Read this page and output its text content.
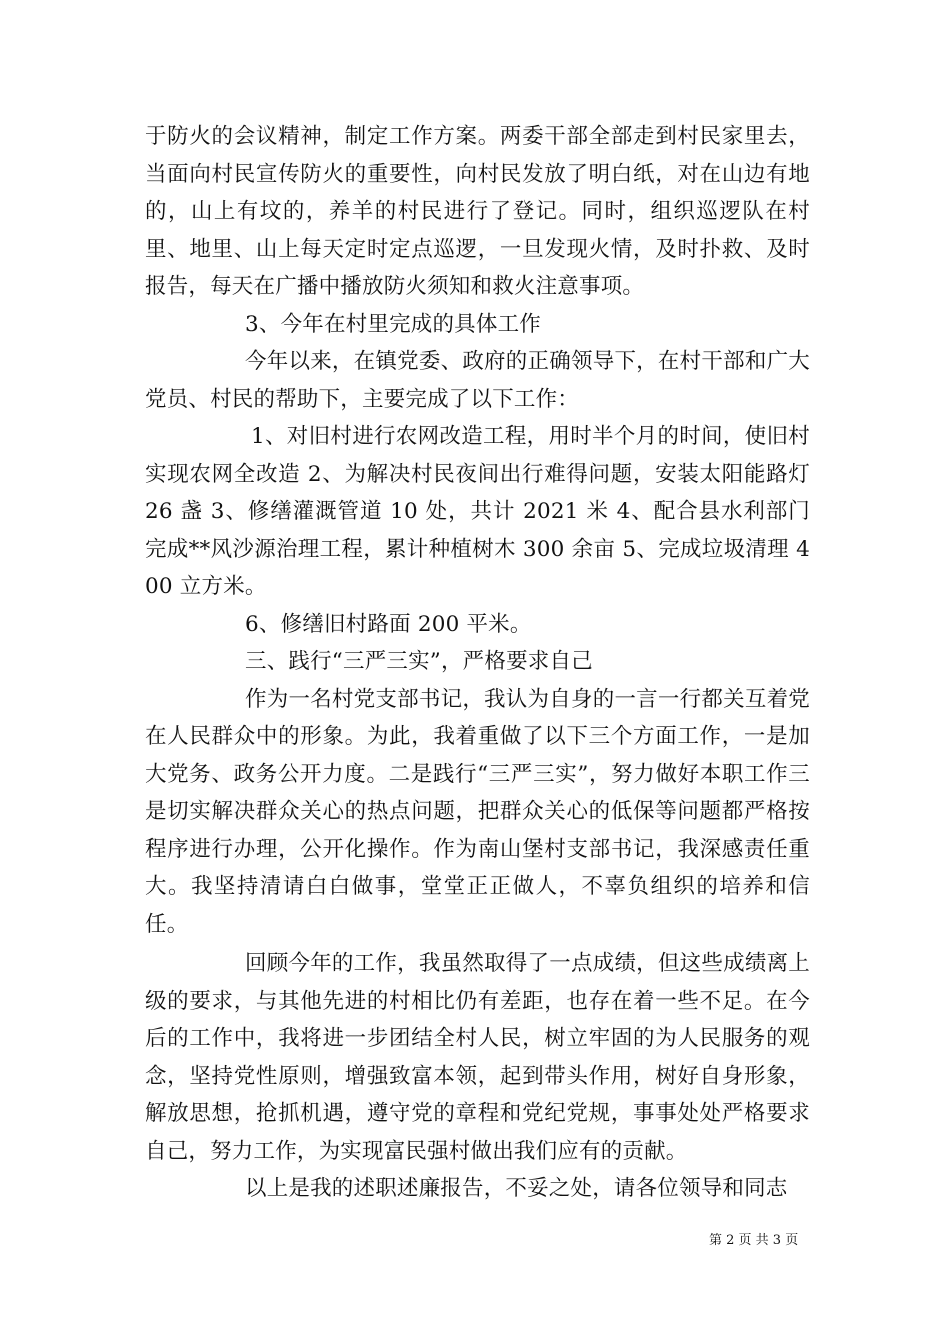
于防火的会议精神，制定工作方案。两委干部全部走到村民家里去，当面向村民宣传防火的重要性，向村民发放了明白纸，对在山边有地的，山上有坟的，养羊的村民进行了登记。同时，组织巡逻队在村里、地里、山上每天定时定点巡逻，一旦发现火情，及时扑救、及时报告，每天在广播中播放防火须知和救火注意事项。

3、今年在村里完成的具体工作

今年以来，在镇党委、政府的正确领导下，在村干部和广大党员、村民的帮助下，主要完成了以下工作：

1、对旧村进行农网改造工程，用时半个月的时间，使旧村实现农网全改造 2、为解决村民夜间出行难得问题，安装太阳能路灯 26 盏 3、修缮灌溉管道 10 处，共计 2021 米 4、配合县水利部门完成**风沙源治理工程，累计种植树木 300 余亩 5、完成垃圾清理 400 立方米。

6、修缮旧村路面 200 平米。

三、践行“三严三实”，严格要求自己

作为一名村党支部书记，我认为自身的一言一行都关互着党在人民群众中的形象。为此，我着重做了以下三个方面工作，一是加大党务、政务公开力度。二是践行“三严三实”，努力做好本职工作三是切实解决群众关心的热点问题，把群众关心的低保等问题都严格按程序进行办理，公开化操作。作为南山堡村支部书记，我深感责任重大。我坚持清请白白做事，堂堂正正做人，不辜负组织的培养和信任。

回顾今年的工作，我虽然取得了一点成绩，但这些成绩离上级的要求，与其他先进的村相比仍有差距，也存在着一些不足。在今后的工作中，我将进一步团结全村人民，树立牢固的为人民服务的观念，坚持党性原则，增强致富本领，起到带头作用，树好自身形象，解放思想，抢抓机遇，遵守党的章程和党纪党规，事事处处严格要求自己，努力工作，为实现富民强村做出我们应有的贡献。

以上是我的述职述廉报告，不妥之处，请各位领导和同志

第 2 页 共 3 页
